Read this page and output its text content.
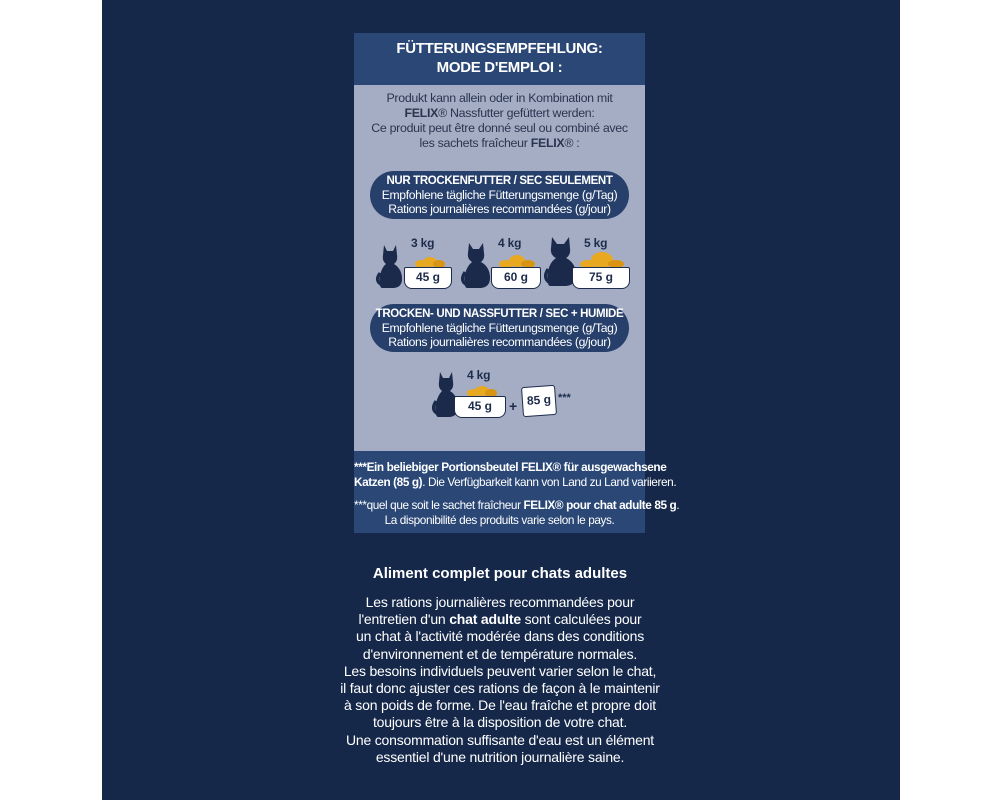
FÜTTERUNGSEMPFEHLUNG:
MODE D'EMPLOI :
Produkt kann allein oder in Kombination mit
FELIX® Nassfutter gefüttert werden:
Ce produit peut être donné seul ou combiné avec
les sachets fraîcheur FELIX® :
NUR TROCKENFUTTER / SEC SEULEMENT
Empfohlene tägliche Fütterungsmenge (g/Tag)
Rations journalières recommandées (g/jour)
3 kg
45 g
4 kg
60 g
5 kg
75 g
TROCKEN- UND NASSFUTTER / SEC + HUMIDE
Empfohlene tägliche Fütterungsmenge (g/Tag)
Rations journalières recommandées (g/jour)
4 kg
45 g	+ 85 g ***
***Ein beliebiger Portionsbeutel FELIX® für ausgewachsene
Katzen (85 g). Die Verfügbarkeit kann von Land zu Land variieren.
***quel que soit le sachet fraîcheur FELIX® pour chat adulte 85 g.
La disponibilité des produits varie selon le pays.
Aliment complet pour chats adultes
Les rations journalières recommandées pour
l'entretien d'un chat adulte sont calculées pour
un chat à l'activité modérée dans des conditions
d'environnement et de température normales.
Les besoins individuels peuvent varier selon le chat,
il faut donc ajuster ces rations de façon à le maintenir
à son poids de forme. De l'eau fraîche et propre doit
toujours être à la disposition de votre chat.
Une consommation suffisante d'eau est un élément
essentiel d'une nutrition journalière saine.
